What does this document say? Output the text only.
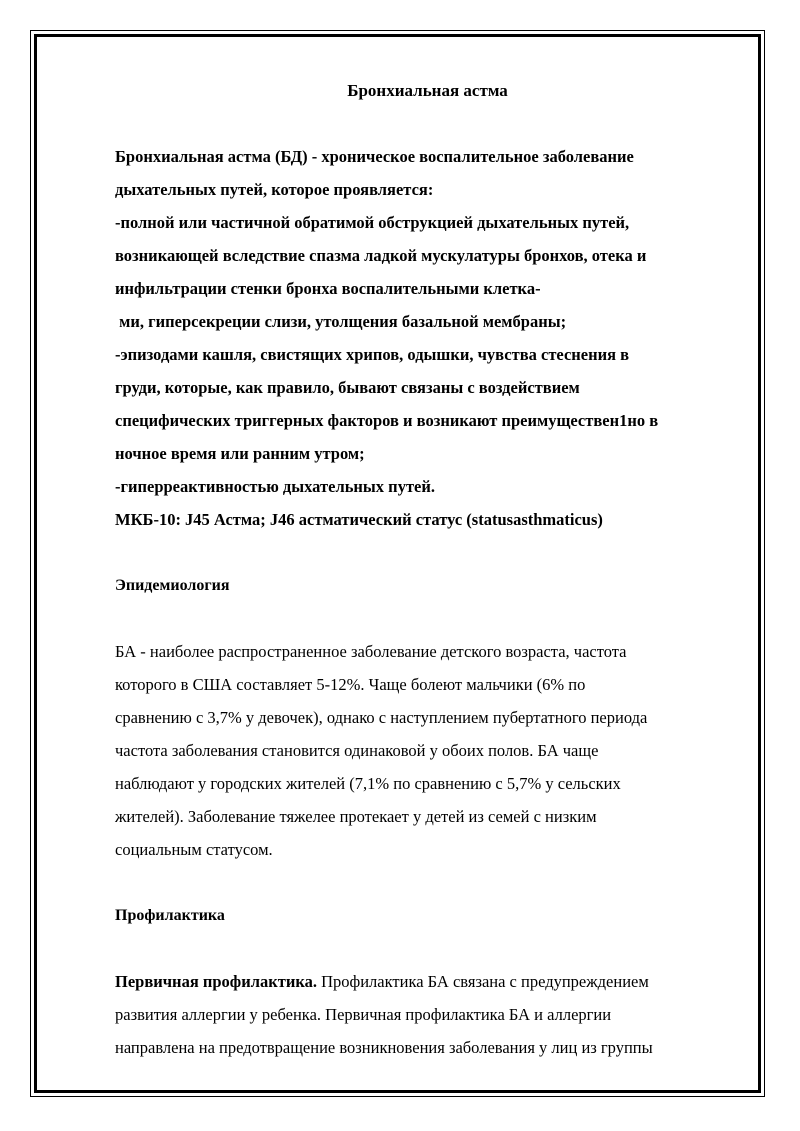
Бронхиальная астма
Бронхиальная астма (БД) - хроническое воспалительное заболевание
дыхательных путей, которое проявляется:
-полной или частичной обратимой обструкцией дыхательных путей,
возникающей вследствие спазма ладкой мускулатуры бронхов, отека и
инфильтрации стенки бронха воспалительными клетка-
ми, гиперсекреции слизи, утолщения базальной мембраны;
-эпизодами кашля, свистящих хрипов, одышки, чувства стеснения в
груди, которые, как правило, бывают связаны с воздействием
специфических триггерных факторов и возникают преимуществен1но в
ночное время или ранним утром;
-гиперреактивностью дыхательных путей.
МКБ-10: J45 Астма; J46 астматический статус (statusasthmaticus)
Эпидемиология
БА - наиболее распространенное заболевание детского возраста, частота
которого в США составляет 5-12%. Чаще болеют мальчики (6% по
сравнению с 3,7% у девочек), однако с наступлением пубертатного периода
частота заболевания становится одинаковой у обоих полов. БА чаще
наблюдают у городских жителей (7,1% по сравнению с 5,7% у сельских
жителей). Заболевание тяжелее протекает у детей из семей с низким
социальным статусом.
Профилактика
Первичная профилактика. Профилактика БА связана с предупреждением
развития аллергии у ребенка. Первичная профилактика БА и аллергии
направлена на предотвращение возникновения заболевания у лиц из группы
